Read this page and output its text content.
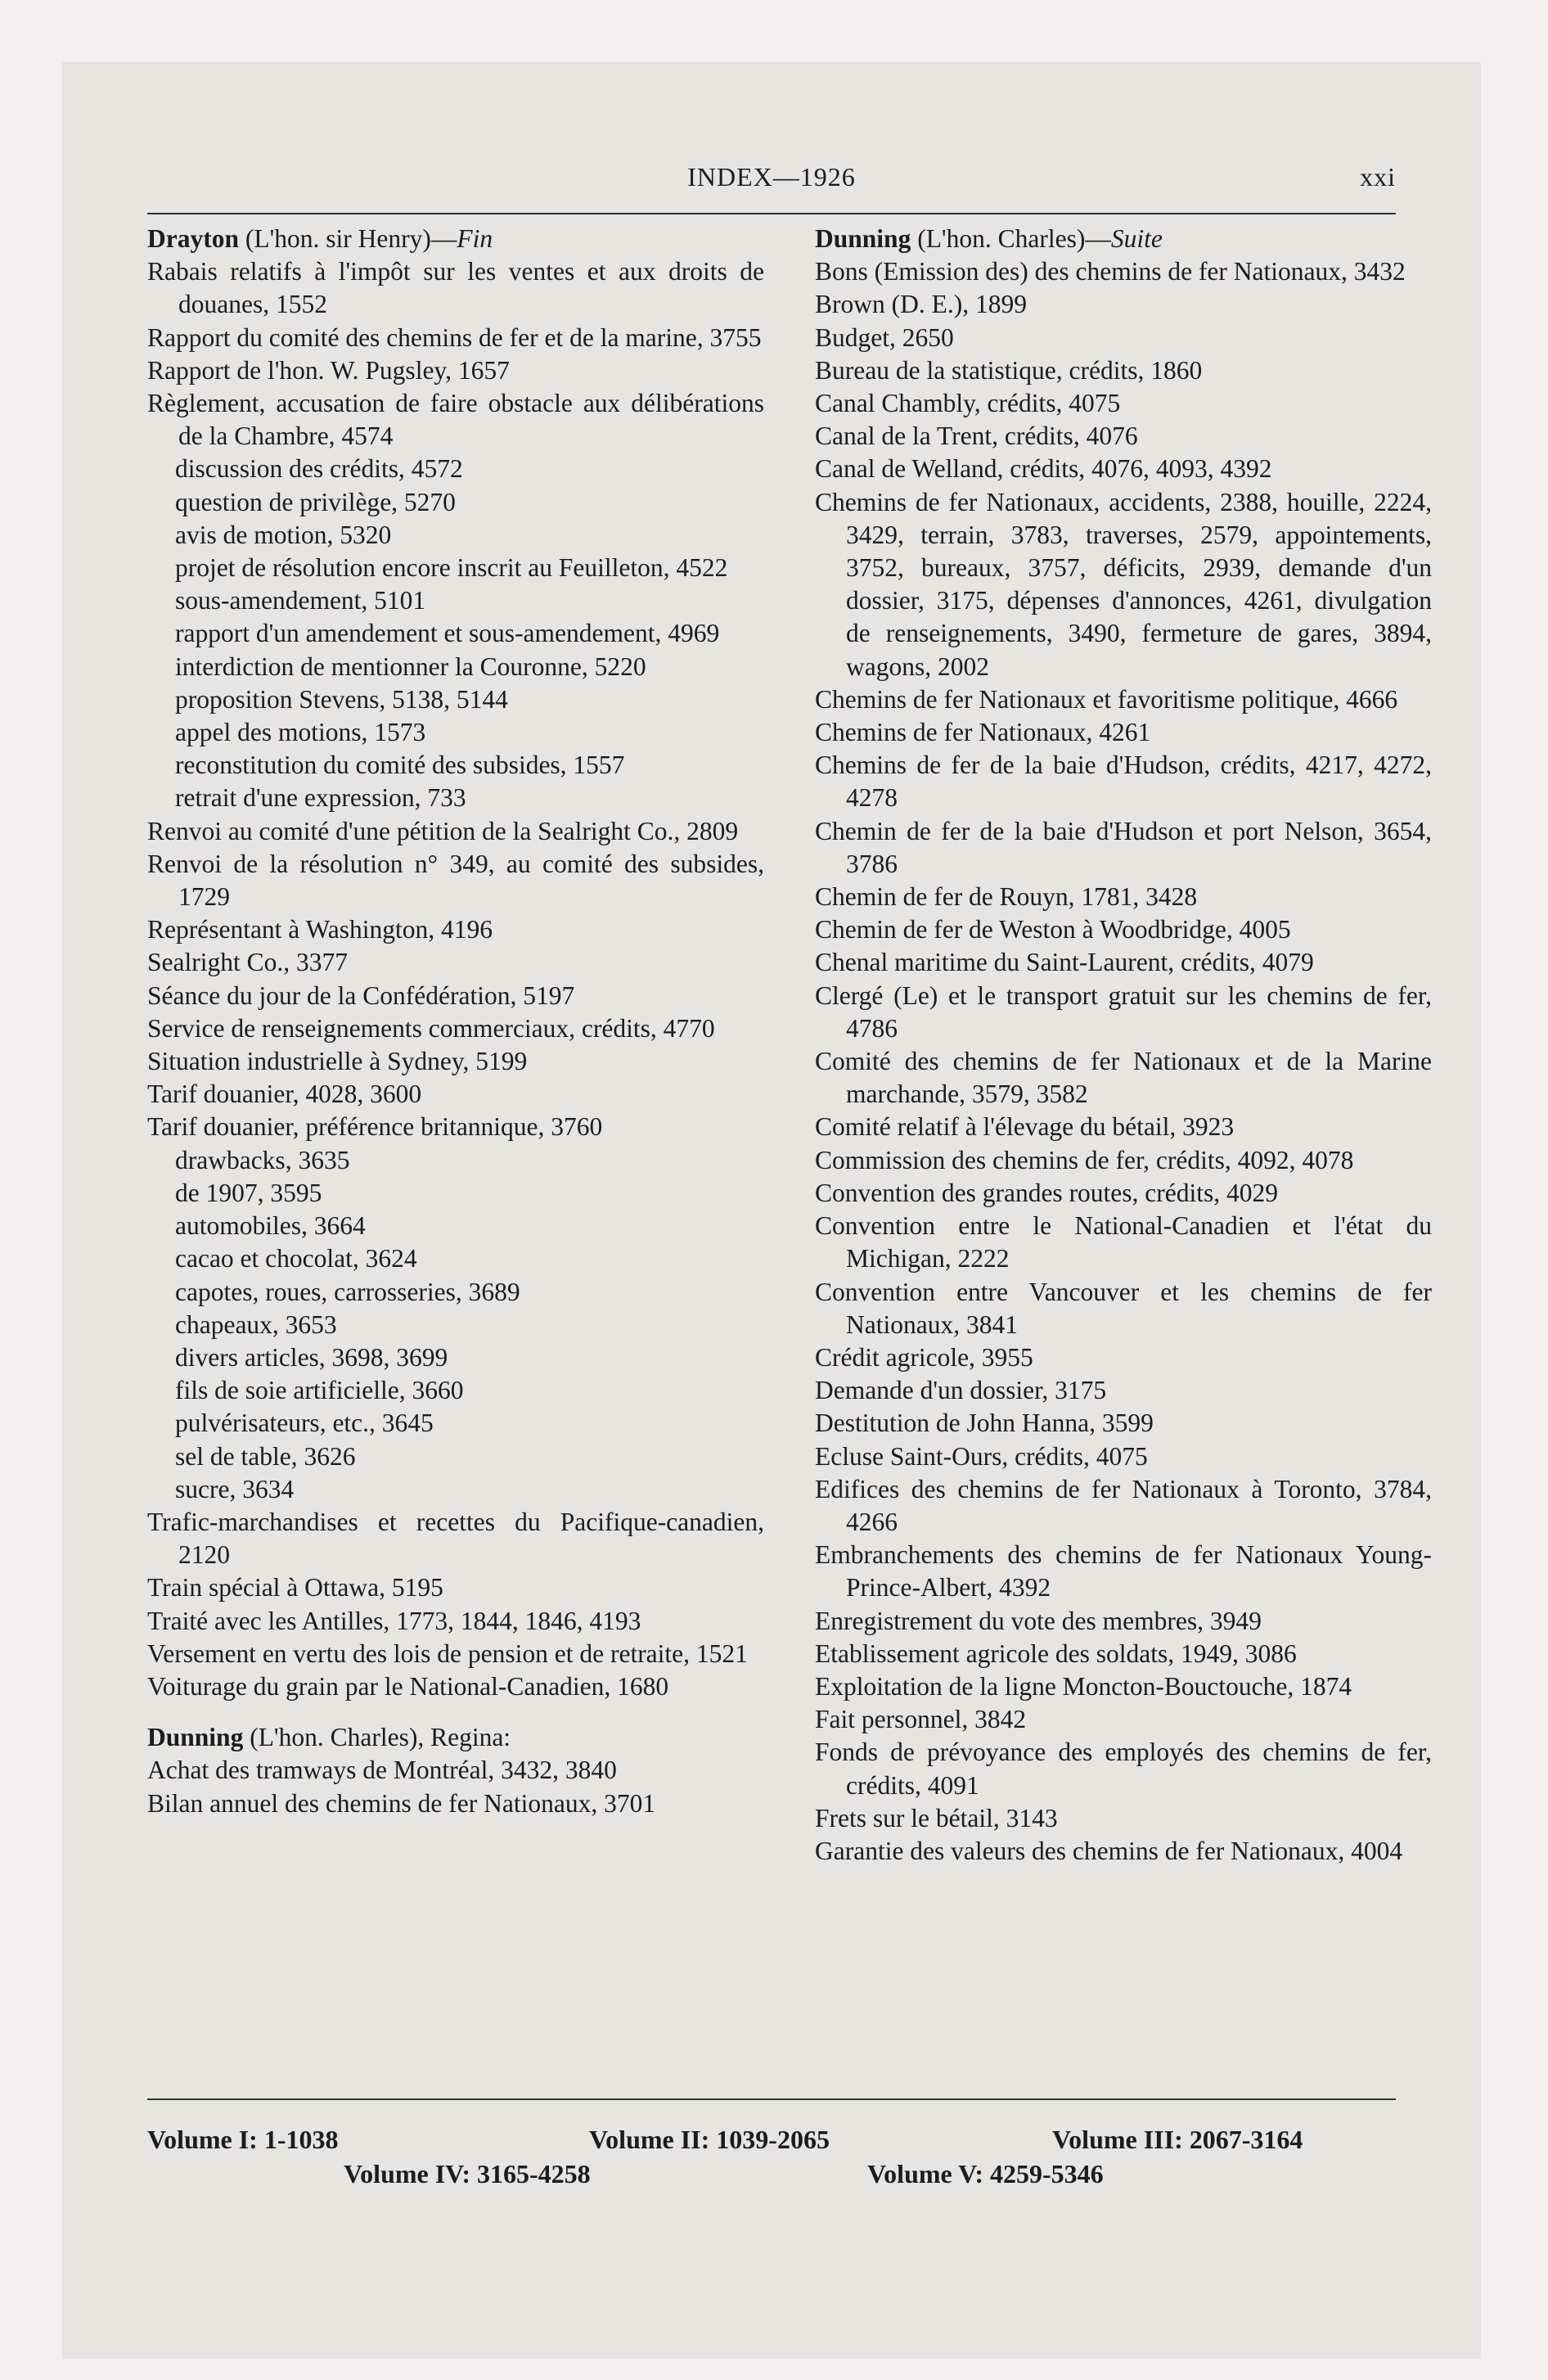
INDEX—1926	xxi
Drayton (L'hon. sir Henry)—Fin
Rabais relatifs à l'impôt sur les ventes et aux droits de douanes, 1552
Rapport du comité des chemins de fer et de la marine, 3755
Rapport de l'hon. W. Pugsley, 1657
Règlement, accusation de faire obstacle aux délibérations de la Chambre, 4574
discussion des crédits, 4572
question de privilège, 5270
avis de motion, 5320
projet de résolution encore inscrit au Feuilleton, 4522
sous-amendement, 5101
rapport d'un amendement et sous-amendement, 4969
interdiction de mentionner la Couronne, 5220
proposition Stevens, 5138, 5144
appel des motions, 1573
reconstitution du comité des subsides, 1557
retrait d'une expression, 733
Renvoi au comité d'une pétition de la Sealright Co., 2809
Renvoi de la résolution n° 349, au comité des subsides, 1729
Représentant à Washington, 4196
Sealright Co., 3377
Séance du jour de la Confédération, 5197
Service de renseignements commerciaux, crédits, 4770
Situation industrielle à Sydney, 5199
Tarif douanier, 4028, 3600
Tarif douanier, préférence britannique, 3760
drawbacks, 3635
de 1907, 3595
automobiles, 3664
cacao et chocolat, 3624
capotes, roues, carrosseries, 3689
chapeaux, 3653
divers articles, 3698, 3699
fils de soie artificielle, 3660
pulvérisateurs, etc., 3645
sel de table, 3626
sucre, 3634
Trafic-marchandises et recettes du Pacifique-canadien, 2120
Train spécial à Ottawa, 5195
Traité avec les Antilles, 1773, 1844, 1846, 4193
Versement en vertu des lois de pension et de retraite, 1521
Voiturage du grain par le National-Canadien, 1680
Dunning (L'hon. Charles), Regina:
Achat des tramways de Montréal, 3432, 3840
Bilan annuel des chemins de fer Nationaux, 3701
Dunning (L'hon. Charles)—Suite
Bons (Emission des) des chemins de fer Nationaux, 3432
Brown (D. E.), 1899
Budget, 2650
Bureau de la statistique, crédits, 1860
Canal Chambly, crédits, 4075
Canal de la Trent, crédits, 4076
Canal de Welland, crédits, 4076, 4093, 4392
Chemins de fer Nationaux, accidents, 2388, houille, 2224, 3429, terrain, 3783, traverses, 2579, appointements, 3752, bureaux, 3757, déficits, 2939, demande d'un dossier, 3175, dépenses d'annonces, 4261, divulgation de renseignements, 3490, fermeture de gares, 3894, wagons, 2002
Chemins de fer Nationaux et favoritisme politique, 4666
Chemins de fer Nationaux, 4261
Chemins de fer de la baie d'Hudson, crédits, 4217, 4272, 4278
Chemin de fer de la baie d'Hudson et port Nelson, 3654, 3786
Chemin de fer de Rouyn, 1781, 3428
Chemin de fer de Weston à Woodbridge, 4005
Chenal maritime du Saint-Laurent, crédits, 4079
Clergé (Le) et le transport gratuit sur les chemins de fer, 4786
Comité des chemins de fer Nationaux et de la Marine marchande, 3579, 3582
Comité relatif à l'élevage du bétail, 3923
Commission des chemins de fer, crédits, 4092, 4078
Convention des grandes routes, crédits, 4029
Convention entre le National-Canadien et l'état du Michigan, 2222
Convention entre Vancouver et les chemins de fer Nationaux, 3841
Crédit agricole, 3955
Demande d'un dossier, 3175
Destitution de John Hanna, 3599
Ecluse Saint-Ours, crédits, 4075
Edifices des chemins de fer Nationaux à Toronto, 3784, 4266
Embranchements des chemins de fer Nationaux Young-Prince-Albert, 4392
Enregistrement du vote des membres, 3949
Etablissement agricole des soldats, 1949, 3086
Exploitation de la ligne Moncton-Bouctouche, 1874
Fait personnel, 3842
Fonds de prévoyance des employés des chemins de fer, crédits, 4091
Frets sur le bétail, 3143
Garantie des valeurs des chemins de fer Nationaux, 4004
Volume I: 1-1038	Volume II: 1039-2065	Volume III: 2067-3164
Volume IV: 3165-4258	Volume V: 4259-5346
